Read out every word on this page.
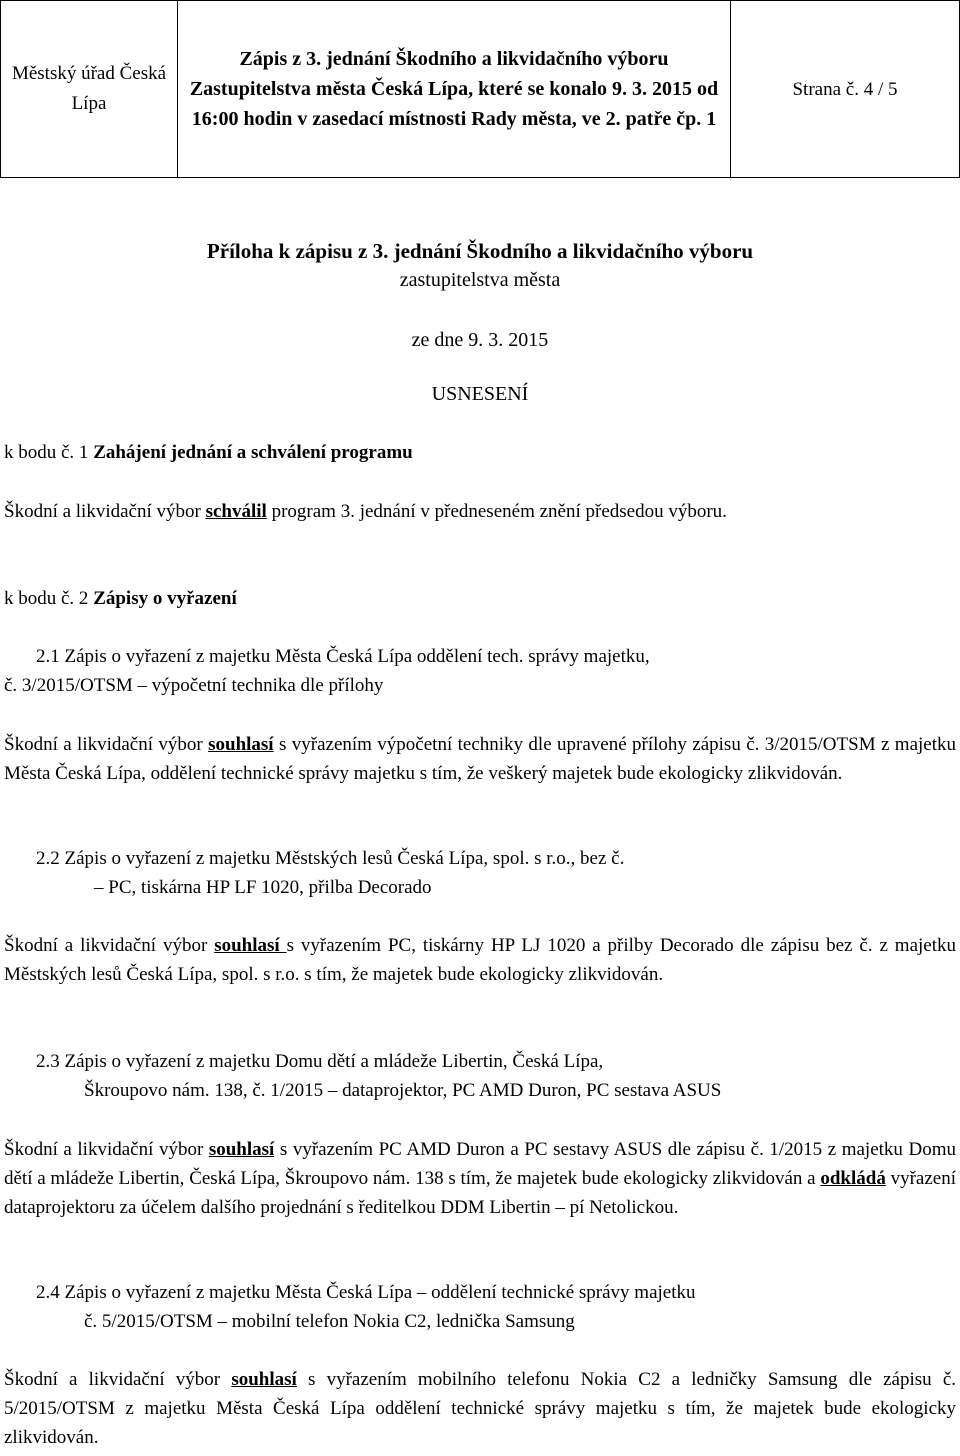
Městský úřad Česká Lípa
Zápis z 3. jednání Škodního a likvidačního výboru Zastupitelstva města Česká Lípa, které se konalo 9. 3. 2015 od 16:00 hodin v zasedací místnosti Rady města, ve 2. patře čp. 1
Strana č. 4 / 5
Příloha k zápisu z 3. jednání Škodního a likvidačního výboru
zastupitelstva města
ze dne 9. 3. 2015
USNESENÍ
k bodu č. 1 Zahájení jednání a schválení programu
Škodní a likvidační výbor schválil program 3. jednání v předneseném znění předsedou výboru.
k bodu č. 2 Zápisy o vyřazení
2.1 Zápis o vyřazení z majetku Města Česká Lípa oddělení tech. správy majetku,
č. 3/2015/OTSM – výpočetní technika dle přílohy
Škodní a likvidační výbor souhlasí s vyřazením výpočetní techniky dle upravené přílohy zápisu č. 3/2015/OTSM z majetku Města Česká Lípa, oddělení technické správy majetku s tím, že veškerý majetek bude ekologicky zlikvidován.
2.2 Zápis o vyřazení z majetku Městských lesů Česká Lípa, spol. s r.o., bez č.
– PC, tiskárna HP LF 1020, přilba Decorado
Škodní a likvidační výbor souhlasí s vyřazením PC, tiskárny HP LJ 1020 a přilby Decorado dle zápisu bez č. z majetku Městských lesů Česká Lípa, spol. s r.o. s tím, že majetek bude ekologicky zlikvidován.
2.3 Zápis o vyřazení z majetku Domu dětí a mládeže Libertin, Česká Lípa,
Škroupovo nám. 138, č. 1/2015 – dataprojektor, PC AMD Duron, PC sestava ASUS
Škodní a likvidační výbor souhlasí s vyřazením PC AMD Duron a PC sestavy ASUS dle zápisu č. 1/2015 z majetku Domu dětí a mládeže Libertin, Česká Lípa, Škroupovo nám. 138 s tím, že majetek bude ekologicky zlikvidován a odkládá vyřazení dataprojektoru za účelem dalšího projednání s ředitelkou DDM Libertin – pí Netolickou.
2.4 Zápis o vyřazení z majetku Města Česká Lípa – oddělení technické správy majetku
č. 5/2015/OTSM – mobilní telefon Nokia C2, lednička Samsung
Škodní a likvidační výbor souhlasí s vyřazením mobilního telefonu Nokia C2 a ledničky Samsung dle zápisu č. 5/2015/OTSM z majetku Města Česká Lípa oddělení technické správy majetku s tím, že majetek bude ekologicky zlikvidován.
